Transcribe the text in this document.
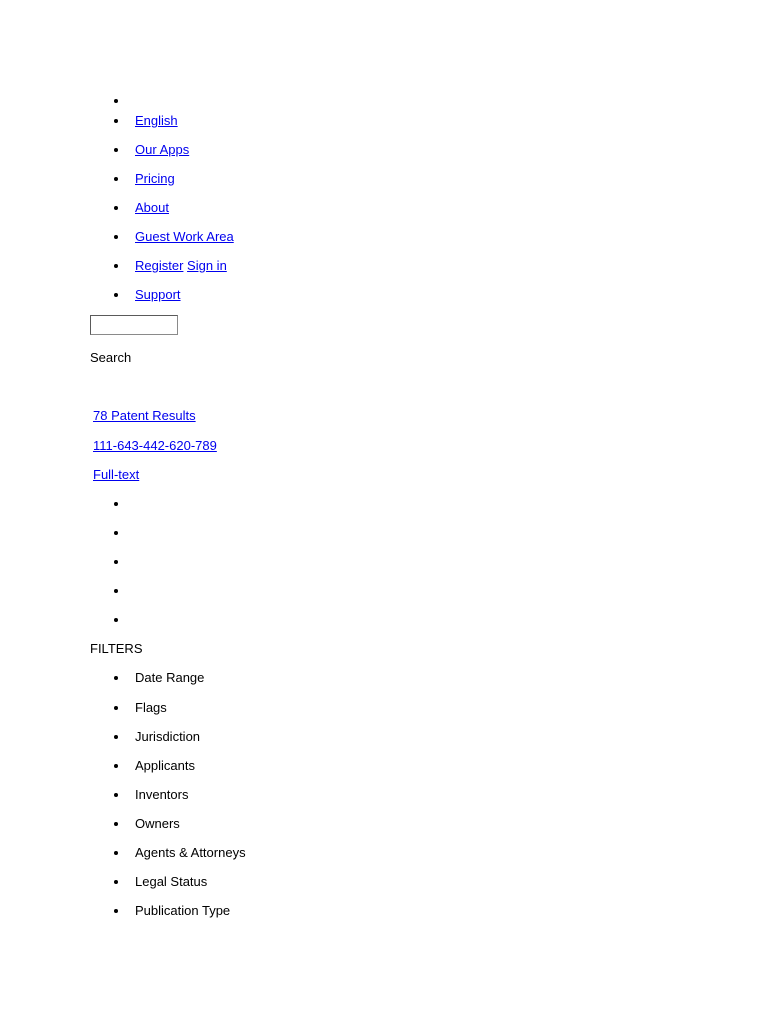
English
Our Apps
Pricing
About
Guest Work Area
Register Sign in
Support
Search
78 Patent Results
111-643-442-620-789
Full-text
FILTERS
Date Range
Flags
Jurisdiction
Applicants
Inventors
Owners
Agents & Attorneys
Legal Status
Publication Type
